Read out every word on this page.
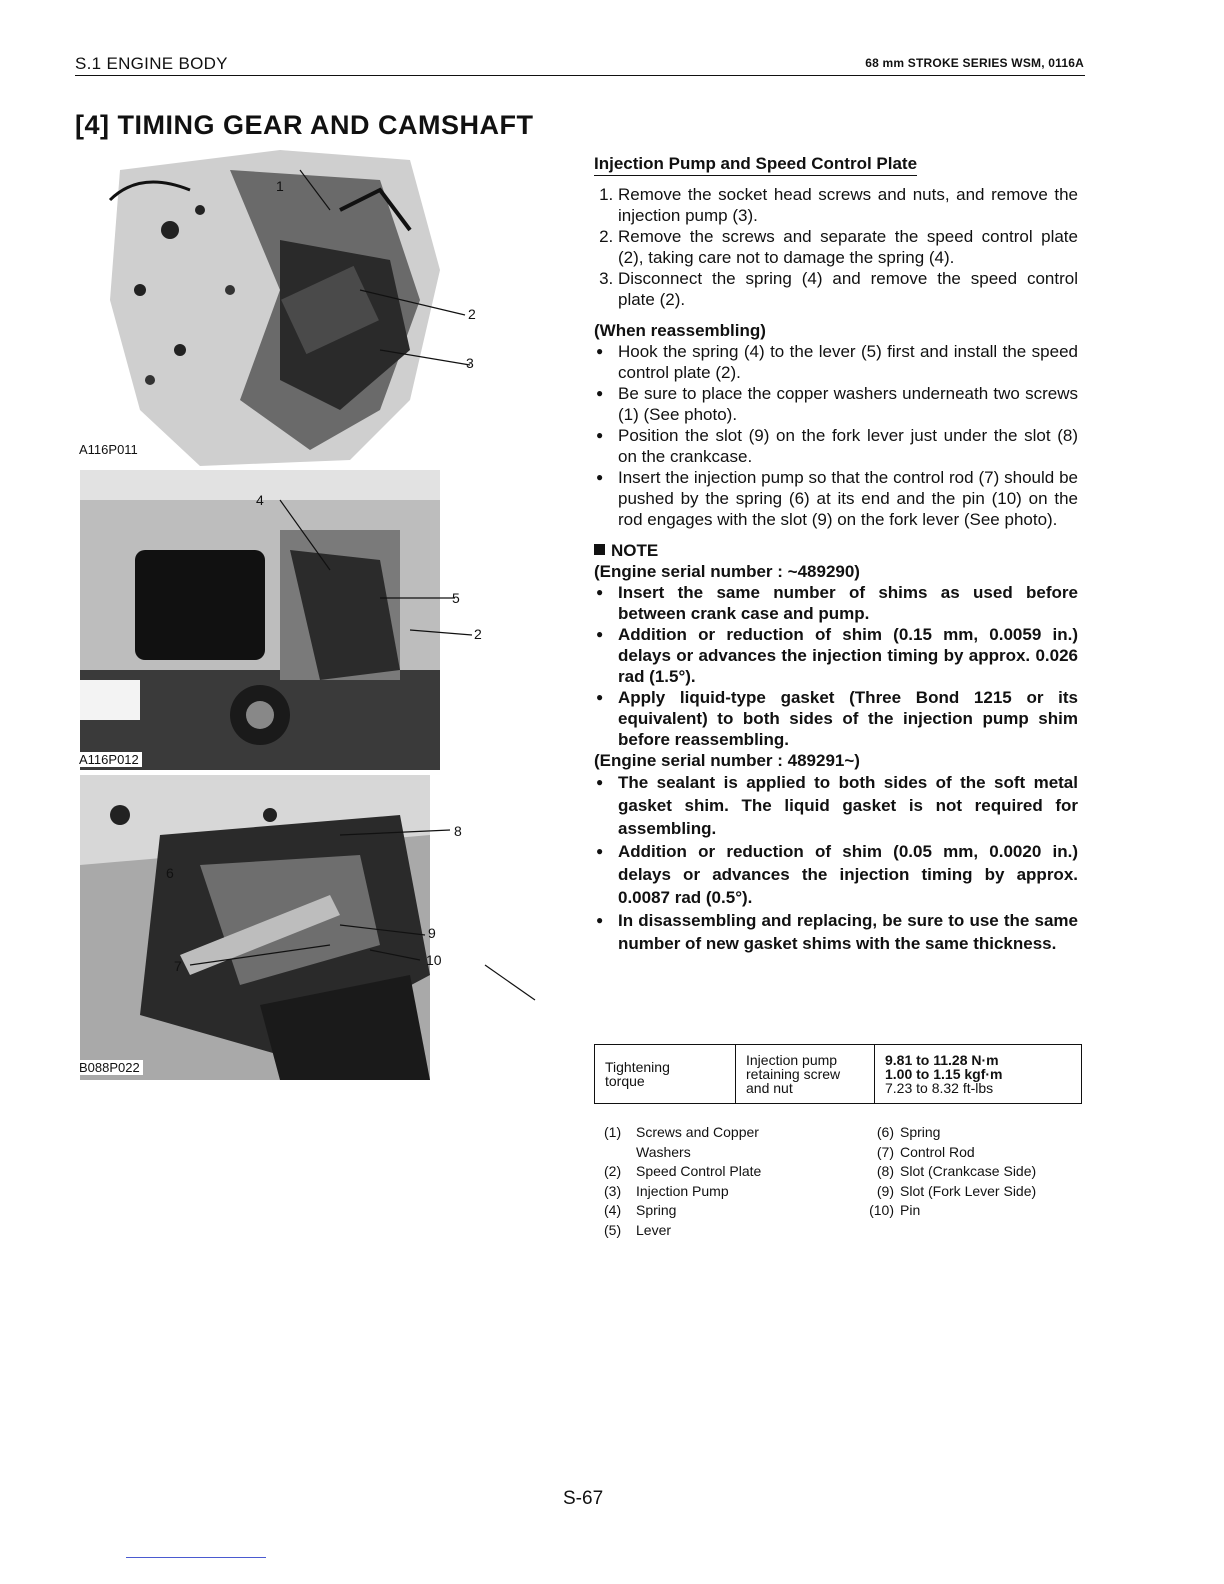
S.1 ENGINE BODY	68 mm STROKE SERIES WSM, 0116A
[4] TIMING GEAR AND CAMSHAFT
1
2
3
A116P011
4
5
2
A116P012
6
7
8
9
10
B088P022
Injection Pump and Speed Control Plate
1. Remove the socket head screws and nuts, and remove the injection pump (3).
2. Remove the screws and separate the speed control plate (2), taking care not to damage the spring (4).
3. Disconnect the spring (4) and remove the speed control plate (2).
(When reassembling)
● Hook the spring (4) to the lever (5) first and install the speed control plate (2).
● Be sure to place the copper washers underneath two screws (1) (See photo).
● Position the slot (9) on the fork lever just under the slot (8) on the crankcase.
● Insert the injection pump so that the control rod (7) should be pushed by the spring (6) at its end and the pin (10) on the rod engages with the slot (9) on the fork lever (See photo).
NOTE
(Engine serial number : ~489290)
● Insert the same number of shims as used before between crank case and pump.
● Addition or reduction of shim (0.15 mm, 0.0059 in.) delays or advances the injection timing by approx. 0.026 rad (1.5°).
● Apply liquid-type gasket (Three Bond 1215 or its equivalent) to both sides of the injection pump shim before reassembling.
(Engine serial number : 489291~)
● The sealant is applied to both sides of the soft metal gasket shim. The liquid gasket is not required for assembling.
● Addition or reduction of shim (0.05 mm, 0.0020 in.) delays or advances the injection timing by approx. 0.0087 rad (0.5°).
● In disassembling and replacing, be sure to use the same number of new gasket shims with the same thickness.
Tightening
torque

Injection pump
retaining screw
and nut

9.81 to 11.28 N·m
1.00 to 1.15 kgf·m
7.23 to 8.32 ft-lbs
(1)	Screws and Copper
Washers
(2)	Speed Control Plate
(3)	Injection Pump
(4)	Spring
(5)	Lever
(6) Spring
(7) Control Rod
(8) Slot (Crankcase Side)
(9) Slot (Fork Lever Side)
(10) Pin
S-67
